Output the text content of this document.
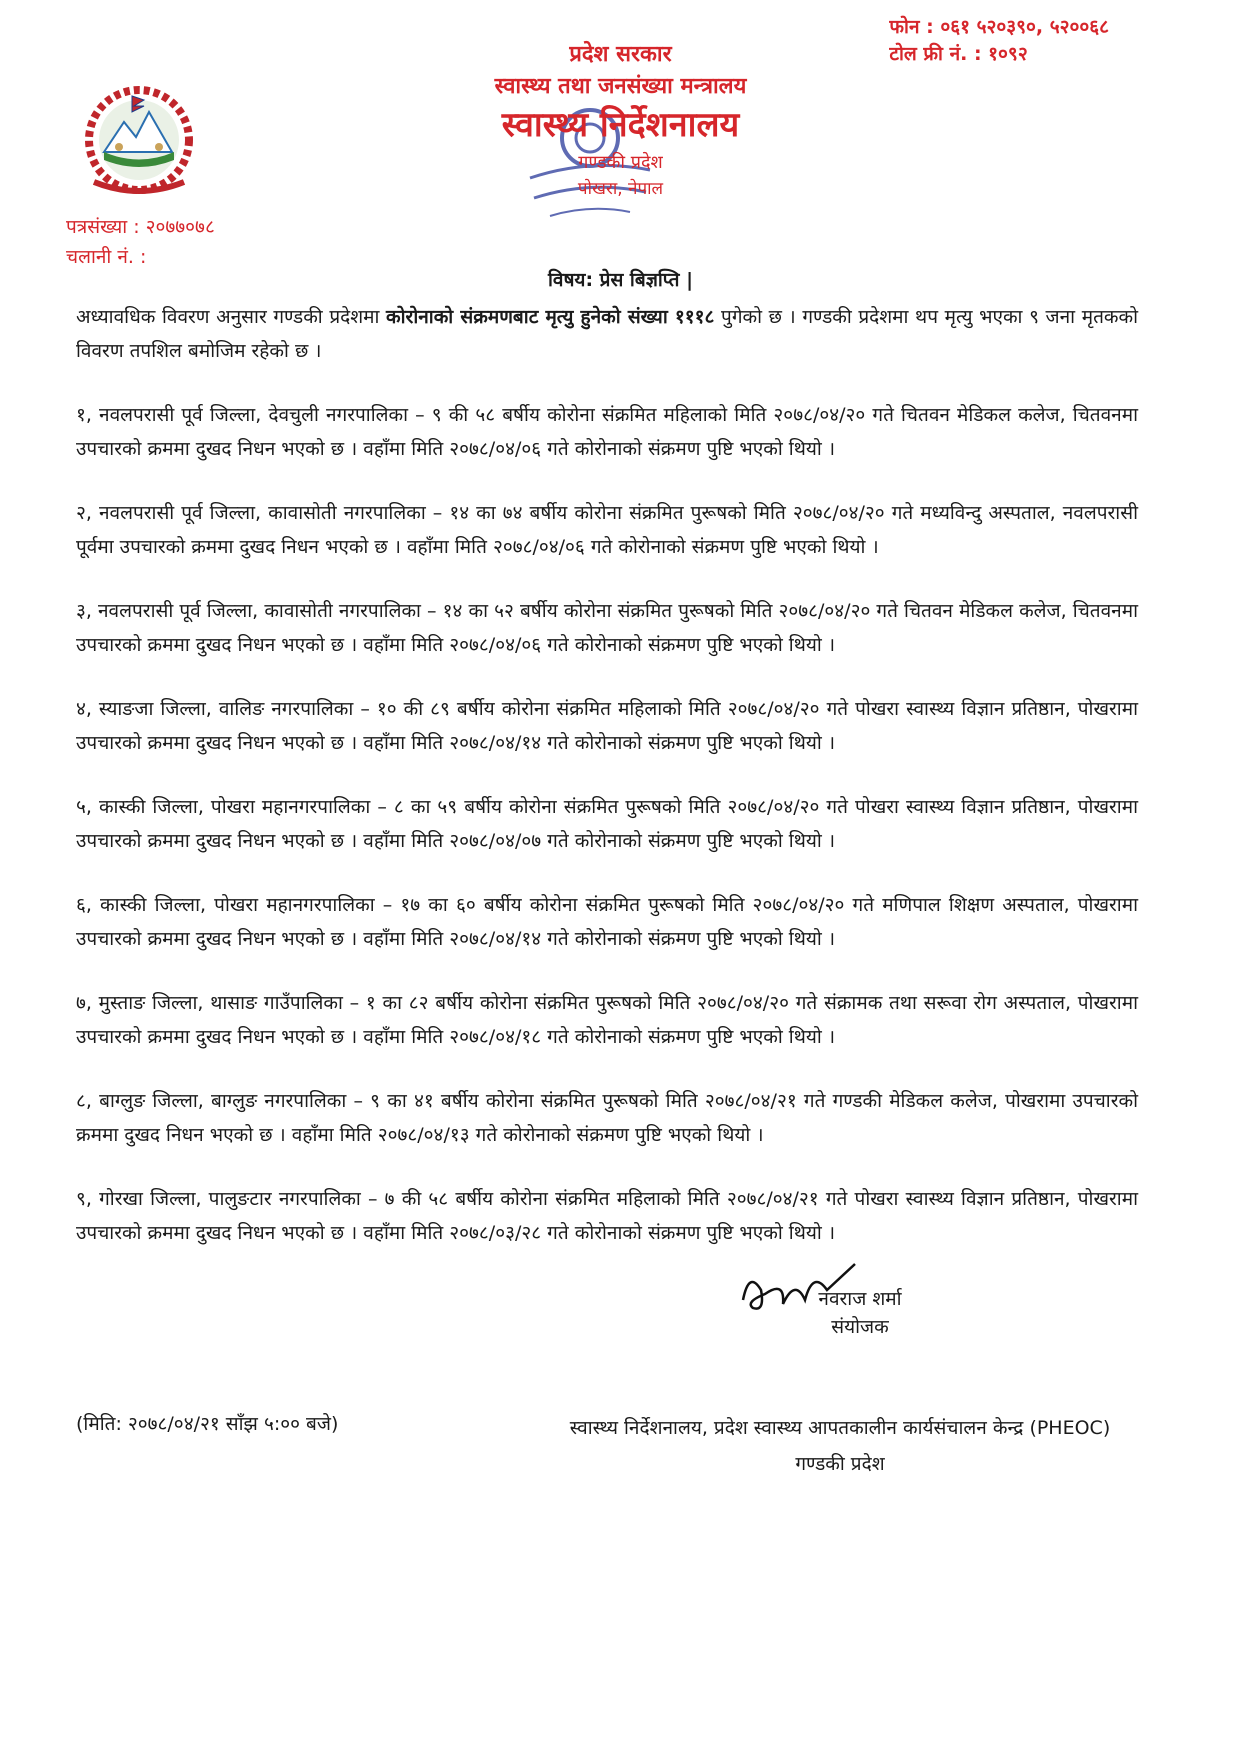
फोन : ०६१ ५२०३९०, ५२००६८
टोल फ्री नं. : १०९२
प्रदेश सरकार
स्वास्थ्य तथा जनसंख्या मन्त्रालय
स्वास्थ्य निर्देशनालय
गण्डकी प्रदेश
पोखरा, नेपाल
पत्रसंख्या : २०७७०७८
चलानी नं. :
विषय: प्रेस बिज्ञप्ति |

अध्यावधिक विवरण अनुसार गण्डकी प्रदेशमा कोरोनाको संक्रमणबाट मृत्यु हुनेको संख्या १११८ पुगेको छ । गण्डकी प्रदेशमा थप मृत्यु भएका ९ जना मृतकको विवरण तपशिल बमोजिम रहेको छ ।

१, नवलपरासी पूर्व जिल्ला, देवचुली नगरपालिका – ९ की ५८ बर्षीय कोरोना संक्रमित महिलाको मिति २०७८/०४/२० गते चितवन मेडिकल कलेज, चितवनमा उपचारको क्रममा दुखद निधन भएको छ । वहाँमा मिति २०७८/०४/०६ गते कोरोनाको संक्रमण पुष्टि भएको थियो ।

२, नवलपरासी पूर्व जिल्ला, कावासोती नगरपालिका – १४ का ७४ बर्षीय कोरोना संक्रमित पुरूषको मिति २०७८/०४/२० गते मध्यविन्दु अस्पताल, नवलपरासी पूर्वमा उपचारको क्रममा दुखद निधन भएको छ । वहाँमा मिति २०७८/०४/०६ गते कोरोनाको संक्रमण पुष्टि भएको थियो ।

३, नवलपरासी पूर्व जिल्ला, कावासोती नगरपालिका – १४ का ५२ बर्षीय कोरोना संक्रमित पुरूषको मिति २०७८/०४/२० गते चितवन मेडिकल कलेज, चितवनमा उपचारको क्रममा दुखद निधन भएको छ । वहाँमा मिति २०७८/०४/०६ गते कोरोनाको संक्रमण पुष्टि भएको थियो ।

४, स्याङजा जिल्ला, वालिङ नगरपालिका – १० की ८९ बर्षीय कोरोना संक्रमित महिलाको मिति २०७८/०४/२० गते पोखरा स्वास्थ्य विज्ञान प्रतिष्ठान, पोखरामा उपचारको क्रममा दुखद निधन भएको छ । वहाँमा मिति २०७८/०४/१४ गते कोरोनाको संक्रमण पुष्टि भएको थियो ।

५, कास्की जिल्ला, पोखरा महानगरपालिका – ८ का ५९ बर्षीय कोरोना संक्रमित पुरूषको मिति २०७८/०४/२० गते पोखरा स्वास्थ्य विज्ञान प्रतिष्ठान, पोखरामा उपचारको क्रममा दुखद निधन भएको छ । वहाँमा मिति २०७८/०४/०७ गते कोरोनाको संक्रमण पुष्टि भएको थियो ।

६, कास्की जिल्ला, पोखरा महानगरपालिका – १७ का ६० बर्षीय कोरोना संक्रमित पुरूषको मिति २०७८/०४/२० गते मणिपाल शिक्षण अस्पताल, पोखरामा उपचारको क्रममा दुखद निधन भएको छ । वहाँमा मिति २०७८/०४/१४ गते कोरोनाको संक्रमण पुष्टि भएको थियो ।

७, मुस्ताङ जिल्ला, थासाङ गाउँपालिका – १ का ८२ बर्षीय कोरोना संक्रमित पुरूषको मिति २०७८/०४/२० गते संक्रामक तथा सरूवा रोग अस्पताल, पोखरामा उपचारको क्रममा दुखद निधन भएको छ । वहाँमा मिति २०७८/०४/१८ गते कोरोनाको संक्रमण पुष्टि भएको थियो ।

८, बाग्लुङ जिल्ला, बाग्लुङ नगरपालिका – ९ का ४१ बर्षीय कोरोना संक्रमित पुरूषको मिति २०७८/०४/२१ गते गण्डकी मेडिकल कलेज, पोखरामा उपचारको क्रममा दुखद निधन भएको छ । वहाँमा मिति २०७८/०४/१३ गते कोरोनाको संक्रमण पुष्टि भएको थियो ।

९, गोरखा जिल्ला, पालुङटार नगरपालिका – ७ की ५८ बर्षीय कोरोना संक्रमित महिलाको मिति २०७८/०४/२१ गते पोखरा स्वास्थ्य विज्ञान प्रतिष्ठान, पोखरामा उपचारको क्रममा दुखद निधन भएको छ । वहाँमा मिति २०७८/०३/२८ गते कोरोनाको संक्रमण पुष्टि भएको थियो ।

नवराज शर्मा
संयोजक
(मिति: २०७८/०४/२१ साँझ ५:०० बजे)	स्वास्थ्य निर्देशनालय, प्रदेश स्वास्थ्य आपतकालीन कार्यसंचालन केन्द्र (PHEOC)
गण्डकी प्रदेश
